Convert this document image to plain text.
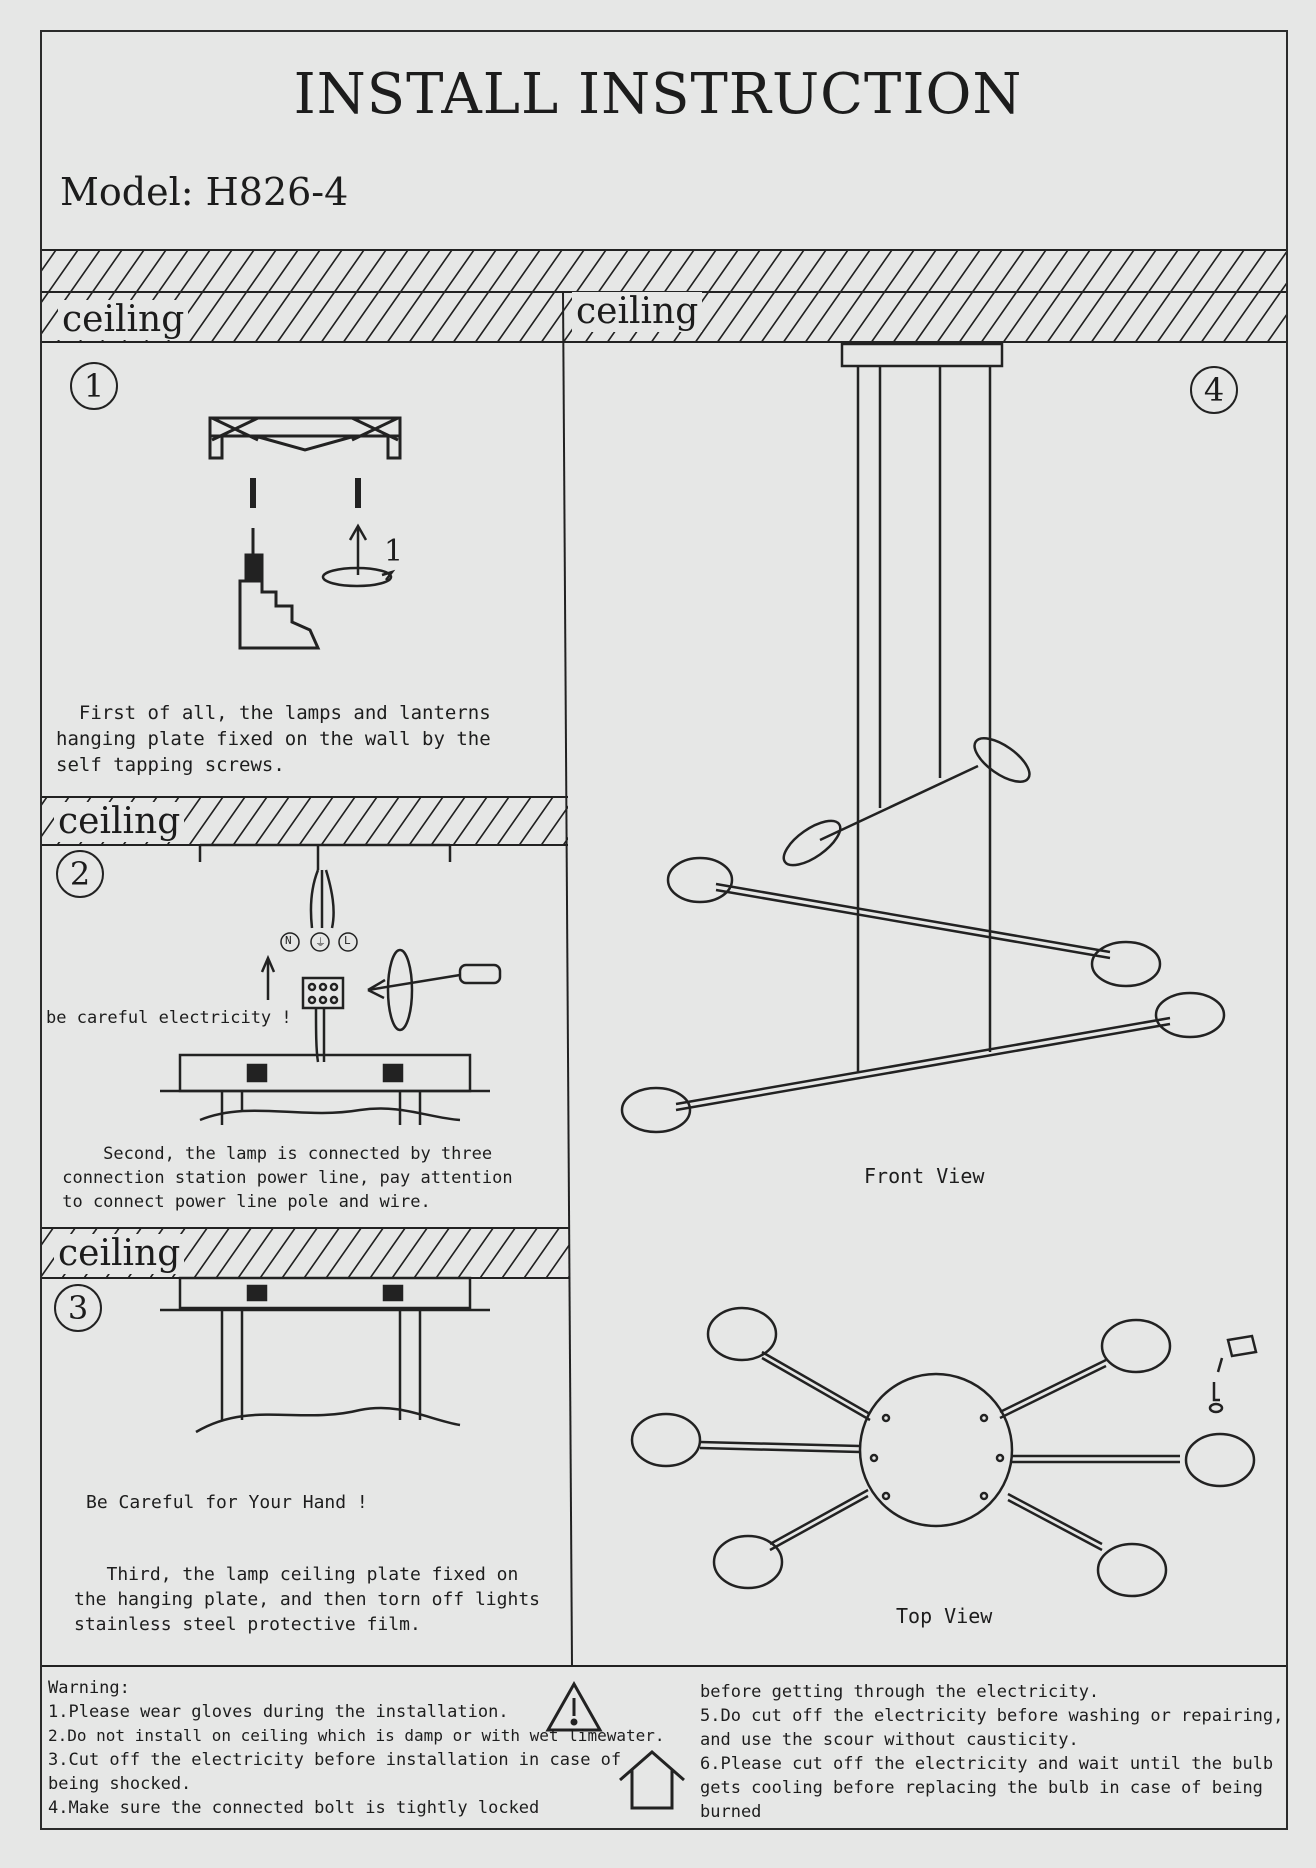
INSTALL INSTRUCTION
Model: H826-4
ceiling	ceiling
ceiling
ceiling
1
2
3
4
1
First of all, the lamps and lanterns
hanging plate fixed on the wall by the
self tapping screws.
be careful electricity !
N ⏚ L
Second, the lamp is connected by three
connection station power line, pay attention
to connect power line pole and wire.
Be Careful for Your Hand !
Third, the lamp ceiling plate fixed on
the hanging plate, and then torn off lights
stainless steel protective film.
Front View
Top View
Warning:
1.Please wear gloves during the installation.
2.Do not install on ceiling which is damp or with wet limewater.
3.Cut off the electricity before installation in case of
being shocked.
4.Make sure the connected bolt is tightly locked
before getting through the electricity.
5.Do cut off the electricity before washing or repairing,
and use the scour without causticity.
6.Please cut off the electricity and wait until the bulb
gets cooling before replacing the bulb in case of being
burned
